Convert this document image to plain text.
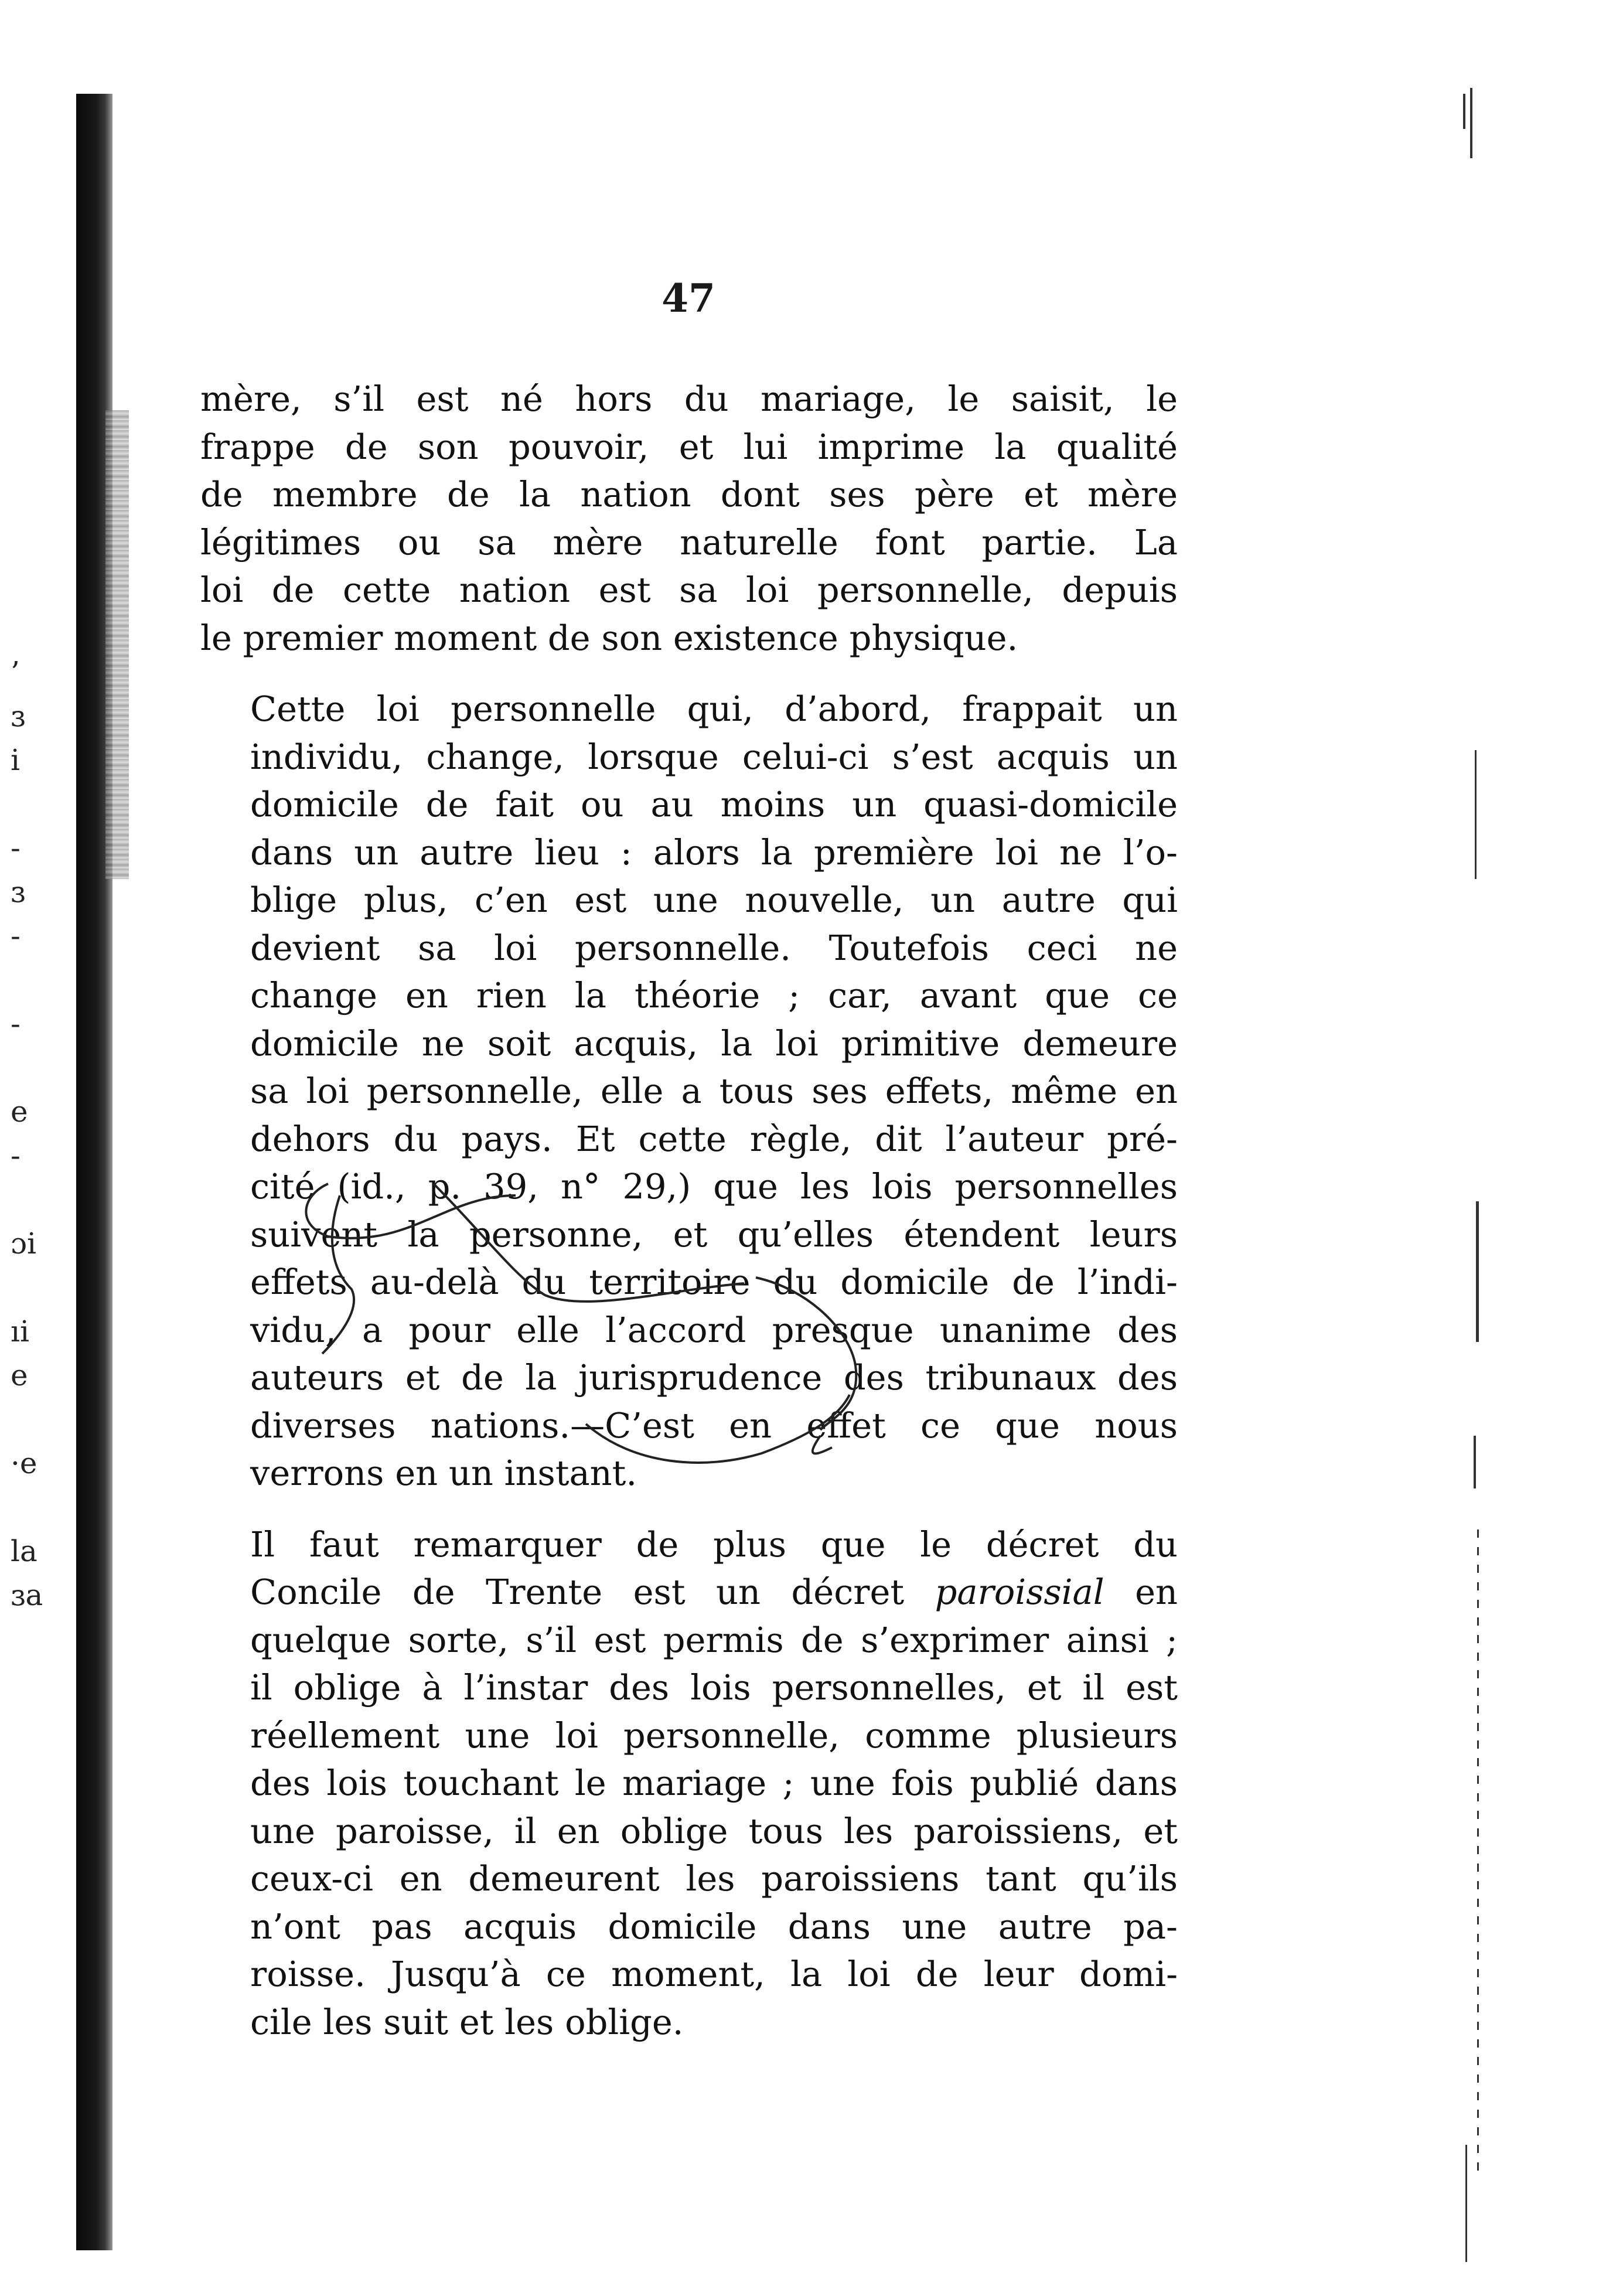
’
ɜ
i

-
ɜ
-

-

e
-

ɔi

ıi
e

·e

la
ɜa
47
mère, s’il est né hors du mariage, le saisit, le
frappe de son pouvoir, et lui imprime la qualité
de membre de la nation dont ses père et mère
légitimes ou sa mère naturelle font partie. La
loi de cette nation est sa loi personnelle, depuis
le premier moment de son existence physique.
Cette loi personnelle qui, d’abord, frappait un
individu, change, lorsque celui-ci s’est acquis un
domicile de fait ou au moins un quasi-domicile
dans un autre lieu : alors la première loi ne l’o-
blige plus, c’en est une nouvelle, un autre qui
devient sa loi personnelle. Toutefois ceci ne
change en rien la théorie ; car, avant que ce
domicile ne soit acquis, la loi primitive demeure
sa loi personnelle, elle a tous ses effets, même en
dehors du pays. Et cette règle, dit l’auteur pré-
cité (id., p. 39, n° 29,) que les lois personnelles
suivent la personne, et qu’elles étendent leurs
effets au-delà du territoire du domicile de l’indi-
vidu, a pour elle l’accord presque unanime des
auteurs et de la jurisprudence des tribunaux des
diverses nations.—C’est en effet ce que nous
verrons en un instant.
Il faut remarquer de plus que le décret du
Concile de Trente est un décret paroissial en
quelque sorte, s’il est permis de s’exprimer ainsi ;
il oblige à l’instar des lois personnelles, et il est
réellement une loi personnelle, comme plusieurs
des lois touchant le mariage ; une fois publié dans
une paroisse, il en oblige tous les paroissiens, et
ceux-ci en demeurent les paroissiens tant qu’ils
n’ont pas acquis domicile dans une autre pa-
roisse. Jusqu’à ce moment, la loi de leur domi-
cile les suit et les oblige.
